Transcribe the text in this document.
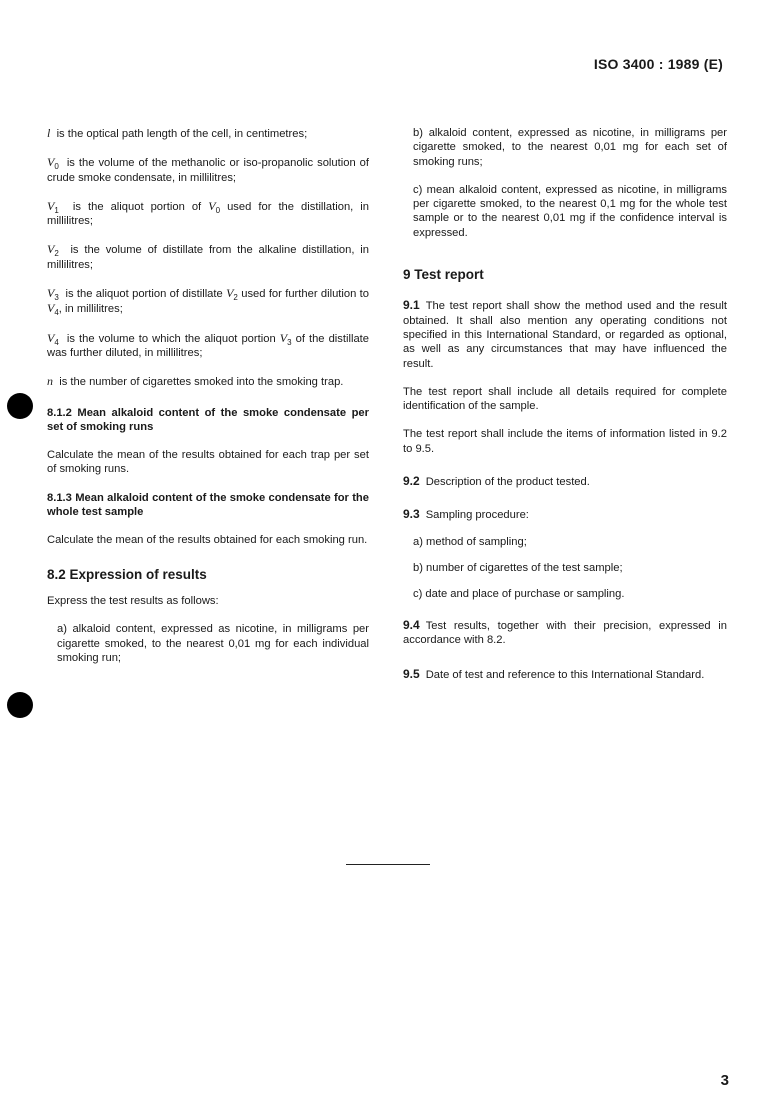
ISO 3400 : 1989 (E)

l is the optical path length of the cell, in centimetres;

$V_0$ is the volume of the methanolic or iso-propanolic solution of crude smoke condensate, in millilitres;

$V_1$ is the aliquot portion of $V_0$ used for the distillation, in millilitres;

$V_2$ is the volume of distillate from the alkaline distillation, in millilitres;

$V_3$ is the aliquot portion of distillate $V_2$ used for further dilution to $V_4$, in millilitres;

$V_4$ is the volume to which the aliquot portion $V_3$ of the distillate was further diluted, in millilitres;

n is the number of cigarettes smoked into the smoking trap.

8.1.2 Mean alkaloid content of the smoke condensate per set of smoking runs

Calculate the mean of the results obtained for each trap per set of smoking runs.

8.1.3 Mean alkaloid content of the smoke condensate for the whole test sample

Calculate the mean of the results obtained for each smoking run.

8.2 Expression of results

Express the test results as follows:

a) alkaloid content, expressed as nicotine, in milligrams per cigarette smoked, to the nearest 0,01 mg for each individual smoking run;

b) alkaloid content, expressed as nicotine, in milligrams per cigarette smoked, to the nearest 0,01 mg for each set of smoking runs;

c) mean alkaloid content, expressed as nicotine, in milligrams per cigarette smoked, to the nearest 0,1 mg for the whole test sample or to the nearest 0,01 mg if the confidence interval is expressed.

9 Test report

9.1 The test report shall show the method used and the result obtained. It shall also mention any operating conditions not specified in this International Standard, or regarded as optional, as well as any circumstances that may have influenced the result.

The test report shall include all details required for complete identification of the sample.

The test report shall include the items of information listed in 9.2 to 9.5.

9.2 Description of the product tested.

9.3 Sampling procedure:

a) method of sampling;

b) number of cigarettes of the test sample;

c) date and place of purchase or sampling.

9.4 Test results, together with their precision, expressed in accordance with 8.2.

9.5 Date of test and reference to this International Standard.

3
